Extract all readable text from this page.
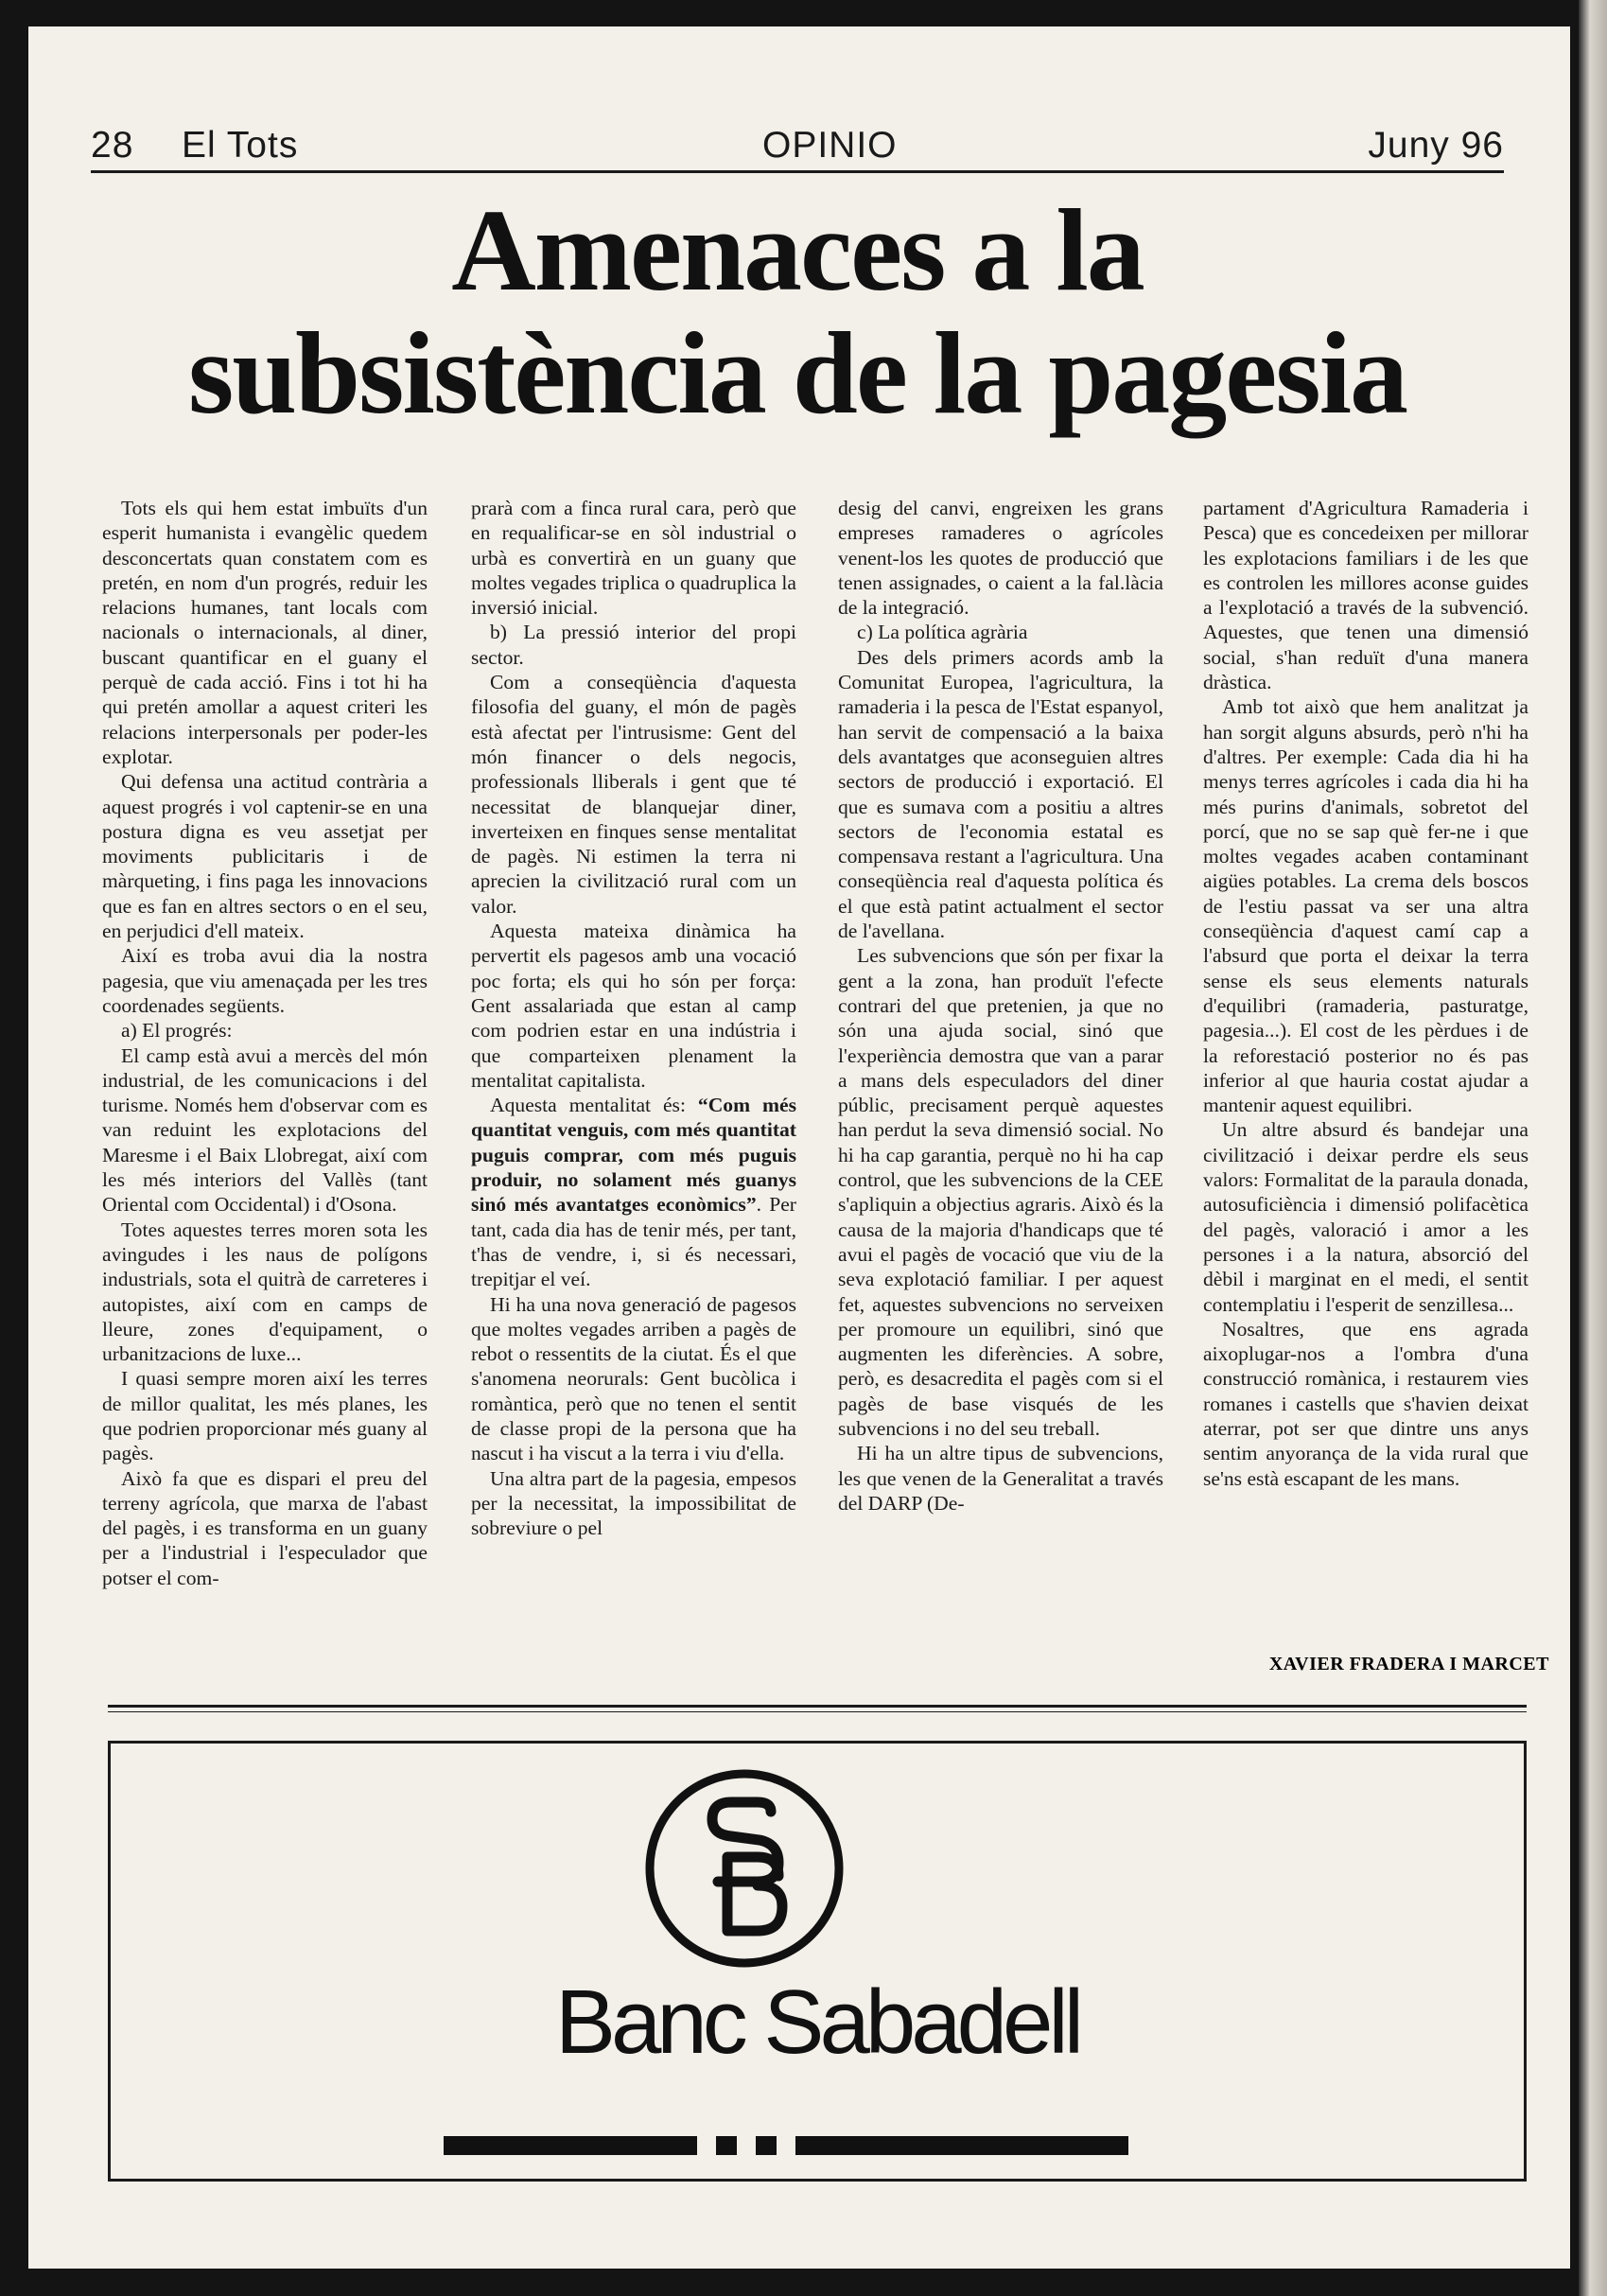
28 El Tots	OPINIO	Juny 96
Amenaces a la
subsistència de la pagesia

Tots els qui hem estat imbuïts d'un esperit humanista i evangèlic quedem desconcertats quan constatem com es pretén, en nom d'un progrés, reduir les relacions humanes, tant locals com nacionals o internacionals, al diner, buscant quantificar en el guany el perquè de cada acció. Fins i tot hi ha qui pretén amollar a aquest criteri les relacions interpersonals per poder-les explotar.

Qui defensa una actitud contrària a aquest progrés i vol captenir-se en una postura digna es veu assetjat per moviments publicitaris i de màrqueting, i fins paga les innovacions que es fan en altres sectors o en el seu, en perjudici d'ell mateix.

Així es troba avui dia la nostra pagesia, que viu amenaçada per les tres coordenades següents.

a) El progrés:

El camp està avui a mercès del món industrial, de les comunicacions i del turisme. Només hem d'observar com es van reduint les explotacions del Maresme i el Baix Llobregat, així com les més interiors del Vallès (tant Oriental com Occidental) i d'Osona.

Totes aquestes terres moren sota les avingudes i les naus de polígons industrials, sota el quitrà de carreteres i autopistes, així com en camps de lleure, zones d'equipament, o urbanitzacions de luxe...

I quasi sempre moren així les terres de millor qualitat, les més planes, les que podrien proporcionar més guany al pagès.

Això fa que es dispari el preu del terreny agrícola, que marxa de l'abast del pagès, i es transforma en un guany per a l'industrial i l'especulador que potser el com-

prarà com a finca rural cara, però que en requalificar-se en sòl industrial o urbà es convertirà en un guany que moltes vegades triplica o quadruplica la inversió inicial.

b) La pressió interior del propi sector.

Com a conseqüència d'aquesta filosofia del guany, el món de pagès està afectat per l'intrusisme: Gent del món financer o dels negocis, professionals lliberals i gent que té necessitat de blanquejar diner, inverteixen en finques sense mentalitat de pagès. Ni estimen la terra ni aprecien la civilització rural com un valor.

Aquesta mateixa dinàmica ha pervertit els pagesos amb una vocació poc forta; els qui ho són per força: Gent assalariada que estan al camp com podrien estar en una indústria i que comparteixen plenament la mentalitat capitalista.

Aquesta mentalitat és: “Com més quantitat venguis, com més quantitat puguis comprar, com més puguis produir, no solament més guanys sinó més avantatges econòmics”. Per tant, cada dia has de tenir més, per tant, t'has de vendre, i, si és necessari, trepitjar el veí.

Hi ha una nova generació de pagesos que moltes vegades arriben a pagès de rebot o ressentits de la ciutat. És el que s'anomena neorurals: Gent bucòlica i romàntica, però que no tenen el sentit de classe propi de la persona que ha nascut i ha viscut a la terra i viu d'ella.

Una altra part de la pagesia, empesos per la necessitat, la impossibilitat de sobreviure o pel

desig del canvi, engreixen les grans empreses ramaderes o agrícoles venent-los les quotes de producció que tenen assignades, o caient a la fal.làcia de la integració.

c) La política agrària

Des dels primers acords amb la Comunitat Europea, l'agricultura, la ramaderia i la pesca de l'Estat espanyol, han servit de compensació a la baixa dels avantatges que aconseguien altres sectors de producció i exportació. El que es sumava com a positiu a altres sectors de l'economia estatal es compensava restant a l'agricultura. Una conseqüència real d'aquesta política és el que està patint actualment el sector de l'avellana.

Les subvencions que són per fixar la gent a la zona, han produït l'efecte contrari del que pretenien, ja que no són una ajuda social, sinó que l'experiència demostra que van a parar a mans dels especuladors del diner públic, precisament perquè aquestes han perdut la seva dimensió social. No hi ha cap garantia, perquè no hi ha cap control, que les subvencions de la CEE s'apliquin a objectius agraris. Això és la causa de la majoria d'handicaps que té avui el pagès de vocació que viu de la seva explotació familiar. I per aquest fet, aquestes subvencions no serveixen per promoure un equilibri, sinó que augmenten les diferències. A sobre, però, es desacredita el pagès com si el pagès de base visqués de les subvencions i no del seu treball.

Hi ha un altre tipus de subvencions, les que venen de la Generalitat a través del DARP (De-

partament d'Agricultura Ramaderia i Pesca) que es concedeixen per millorar les explotacions familiars i de les que es controlen les millores aconse guides a l'explotació a través de la subvenció. Aquestes, que tenen una dimensió social, s'han reduït d'una manera dràstica.

Amb tot això que hem analitzat ja han sorgit alguns absurds, però n'hi ha d'altres. Per exemple: Cada dia hi ha menys terres agrícoles i cada dia hi ha més purins d'animals, sobretot del porcí, que no se sap què fer-ne i que moltes vegades acaben contaminant aigües potables. La crema dels boscos de l'estiu passat va ser una altra conseqüència d'aquest camí cap a l'absurd que porta el deixar la terra sense els seus elements naturals d'equilibri (ramaderia, pasturatge, pagesia...). El cost de les pèrdues i de la reforestació posterior no és pas inferior al que hauria costat ajudar a mantenir aquest equilibri.

Un altre absurd és bandejar una civilització i deixar perdre els seus valors: Formalitat de la paraula donada, autosuficiència i dimensió polifacètica del pagès, valoració i amor a les persones i a la natura, absorció del dèbil i marginat en el medi, el sentit contemplatiu i l'esperit de senzillesa...

Nosaltres, que ens agrada aixoplugar-nos a l'ombra d'una construcció romànica, i restaurem vies romanes i castells que s'havien deixat aterrar, pot ser que dintre uns anys sentim anyorança de la vida rural que se'ns està escapant de les mans.

XAVIER FRADERA I MARCET
Banc Sabadell
